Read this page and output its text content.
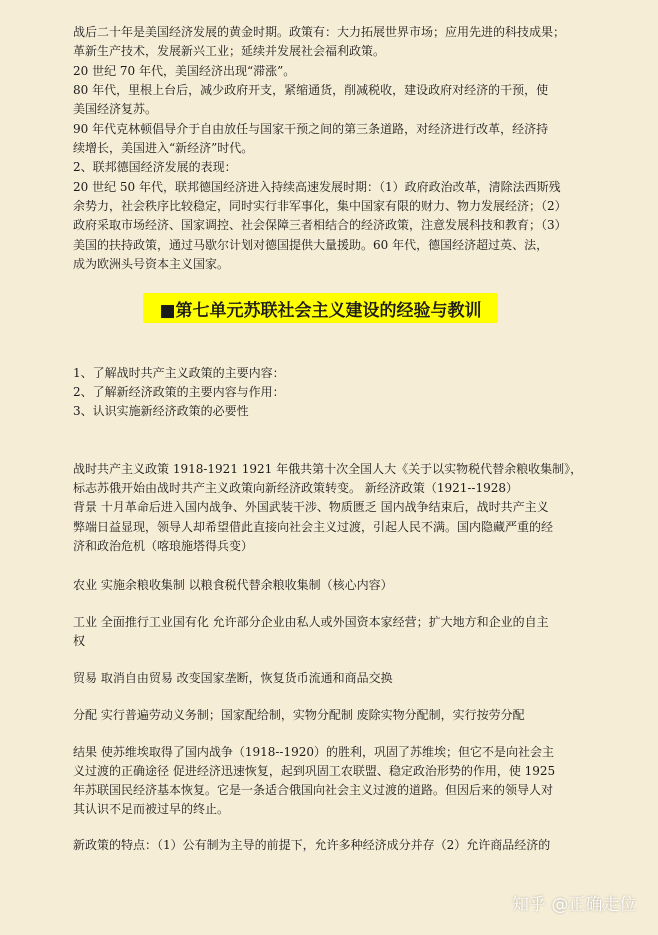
战后二十年是美国经济发展的黄金时期。政策有：大力拓展世界市场；应用先进的科技成果；

革新生产技术，发展新兴工业；延续并发展社会福利政策。

20 世纪 70 年代，美国经济出现“滞涨”。

80 年代，里根上台后，减少政府开支，紧缩通货，削减税收，建设政府对经济的干预，使

美国经济复苏。

90 年代克林顿倡导介于自由放任与国家干预之间的第三条道路，对经济进行改革，经济持

续增长，美国进入“新经济”时代。

2、联邦德国经济发展的表现：

20 世纪 50 年代，联邦德国经济进入持续高速发展时期：（1）政府政治改革，清除法西斯残

余势力，社会秩序比较稳定，同时实行非军事化，集中国家有限的财力、物力发展经济；（2）

政府采取市场经济、国家调控、社会保障三者相结合的经济政策，注意发展科技和教育；（3）

美国的扶持政策，通过马歇尔计划对德国提供大量援助。60 年代，德国经济超过英、法，

成为欧洲头号资本主义国家。

■第七单元苏联社会主义建设的经验与教训

1、了解战时共产主义政策的主要内容：

2、了解新经济政策的主要内容与作用：

3、认识实施新经济政策的必要性

战时共产主义政策 1918-1921 1921 年俄共第十次全国人大《关于以实物税代替余粮收集制》，

标志苏俄开始由战时共产主义政策向新经济政策转变。 新经济政策（1921--1928）

背景 十月革命后进入国内战争、外国武装干涉、物质匮乏 国内战争结束后，战时共产主义

弊端日益显现，领导人却希望借此直接向社会主义过渡，引起人民不满。国内隐藏严重的经

济和政治危机（喀琅施塔得兵变）

农业 实施余粮收集制 以粮食税代替余粮收集制（核心内容）

工业 全面推行工业国有化 允许部分企业由私人或外国资本家经营；扩大地方和企业的自主

权

贸易 取消自由贸易 改变国家垄断，恢复货币流通和商品交换

分配 实行普遍劳动义务制；国家配给制，实物分配制 废除实物分配制，实行按劳分配

结果 使苏维埃取得了国内战争（1918--1920）的胜利，巩固了苏维埃；但它不是向社会主

义过渡的正确途径 促进经济迅速恢复，起到巩固工农联盟、稳定政治形势的作用，使 1925

年苏联国民经济基本恢复。它是一条适合俄国向社会主义过渡的道路。但因后来的领导人对

其认识不足而被过早的终止。

新政策的特点：（1）公有制为主导的前提下，允许多种经济成分并存（2）允许商品经济的

知乎 @正确走位
